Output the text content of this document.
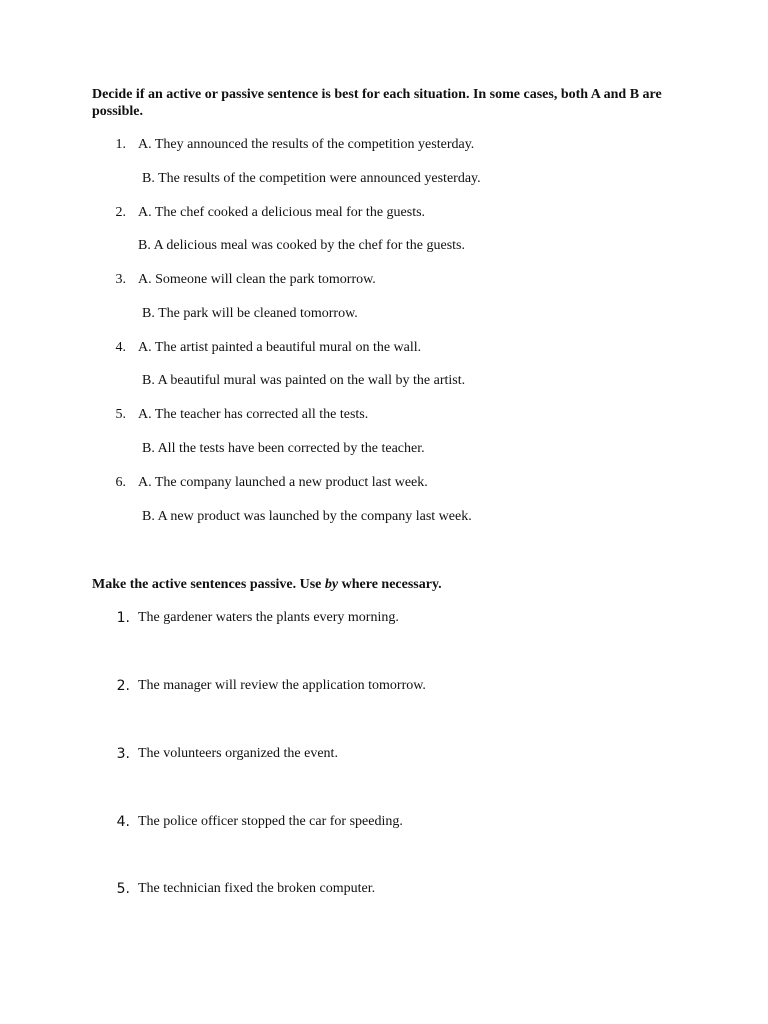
Decide if an active or passive sentence is best for each situation. In some cases, both A and B are possible.

1. A. They announced the results of the competition yesterday.
B. The results of the competition were announced yesterday.
2. A. The chef cooked a delicious meal for the guests.
B. A delicious meal was cooked by the chef for the guests.
3. A. Someone will clean the park tomorrow.
B. The park will be cleaned tomorrow.
4. A. The artist painted a beautiful mural on the wall.
B. A beautiful mural was painted on the wall by the artist.
5. A. The teacher has corrected all the tests.
B. All the tests have been corrected by the teacher.
6. A. The company launched a new product last week.
B. A new product was launched by the company last week.

Make the active sentences passive. Use by where necessary.

1. The gardener waters the plants every morning.
2. The manager will review the application tomorrow.
3. The volunteers organized the event.
4. The police officer stopped the car for speeding.
5. The technician fixed the broken computer.
